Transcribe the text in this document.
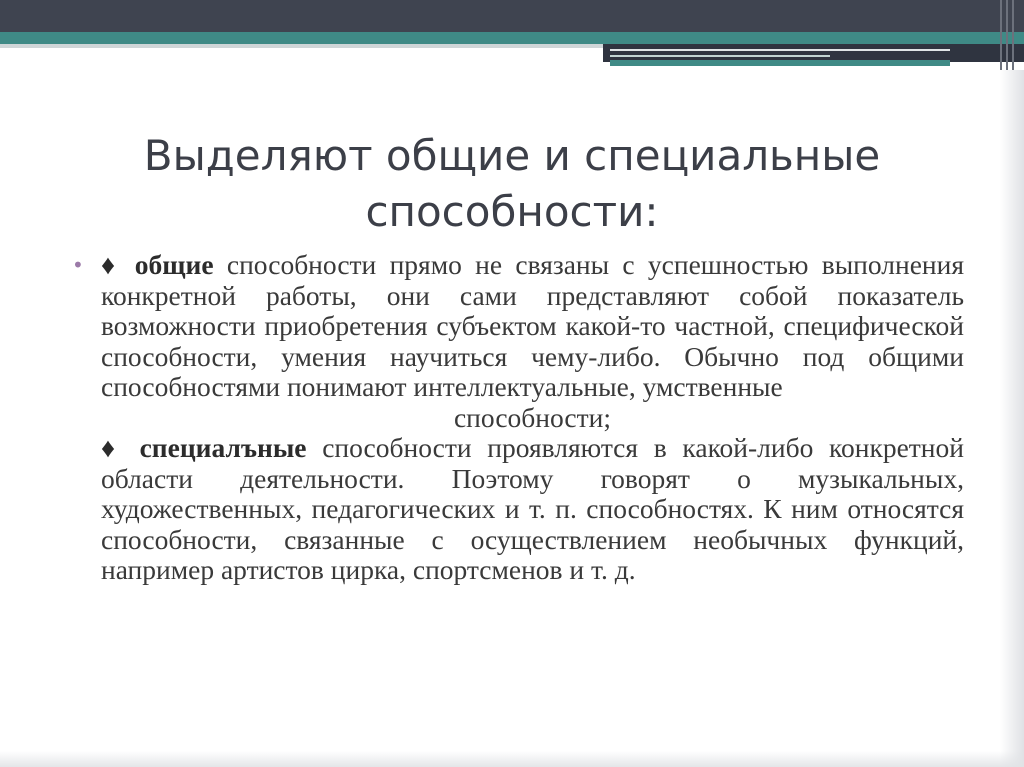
Выделяют общие и специальные
способности:
• ♦ общие способности прямо не связаны с успешностью выполнения конкретной работы, они сами представляют собой показатель возможности приобретения субъектом какой-то частной, специфической способности, умения научиться чему-либо. Обычно под общими способностями понимают интеллектуальные, умственные
способности;

♦ специалъные способности проявляются в какой-либо конкретной области деятельности. Поэтому говорят о музыкальных, художественных, педагогических и т. п. способностях. К ним относятся способности, связанные с осуществлением необычных функций, например артистов цирка, спортсменов и т. д.
